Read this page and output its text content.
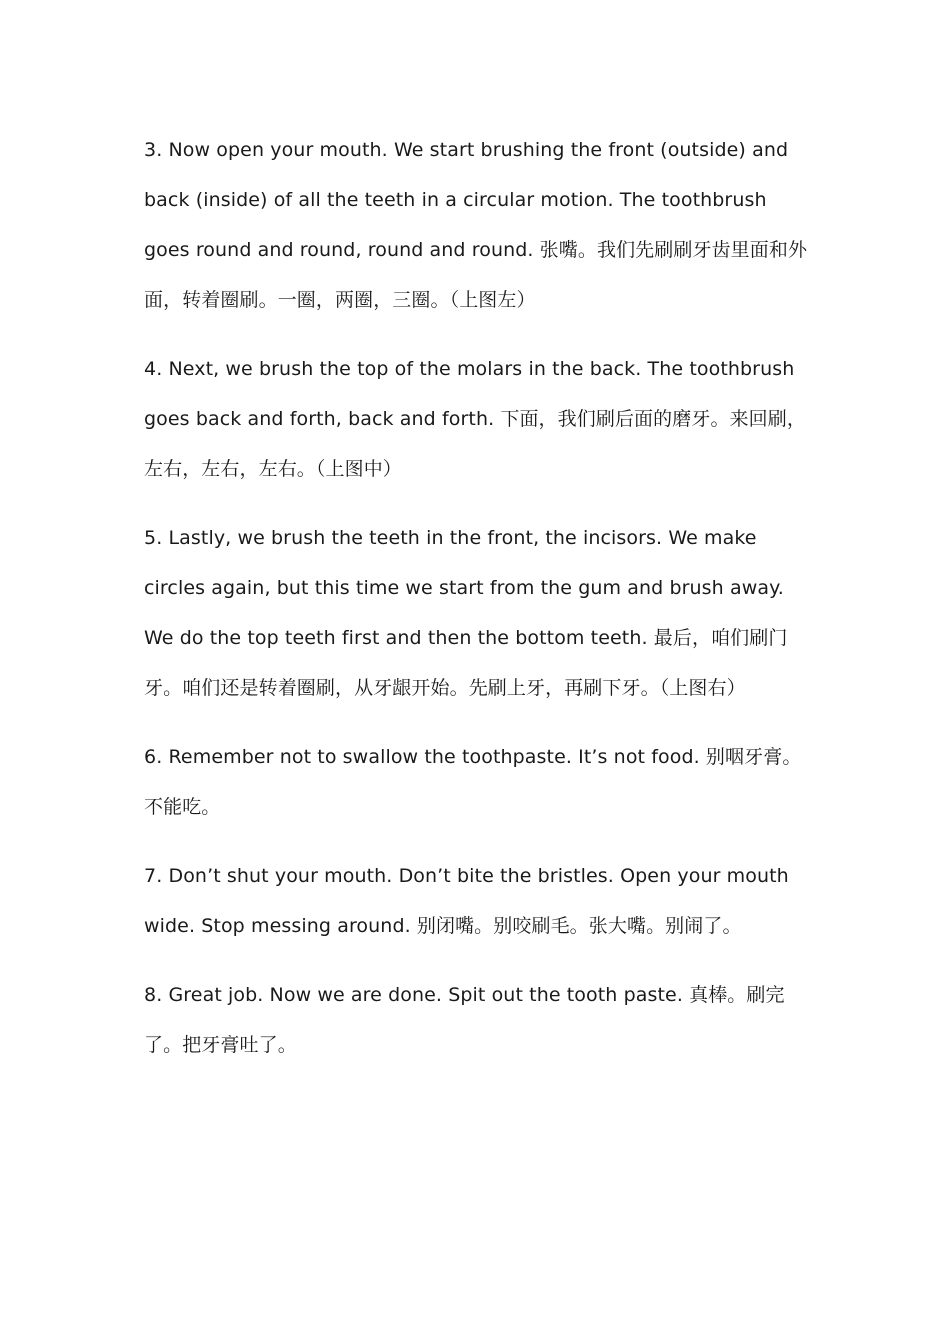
3. Now open your mouth. We start brushing the front (outside) and back (inside) of all the teeth in a circular motion. The toothbrush goes round and round, round and round. 张嘴。我们先刷刷牙齿里面和外面，转着圈刷。一圈，两圈，三圈。（上图左）

4. Next, we brush the top of the molars in the back. The toothbrush goes back and forth, back and forth. 下面，我们刷后面的磨牙。来回刷，左右，左右，左右。（上图中）

5. Lastly, we brush the teeth in the front, the incisors. We make circles again, but this time we start from the gum and brush away. We do the top teeth first and then the bottom teeth. 最后，咱们刷门牙。咱们还是转着圈刷，从牙龈开始。先刷上牙，再刷下牙。（上图右）

6. Remember not to swallow the toothpaste. It’s not food. 别咽牙膏。不能吃。

7. Don’t shut your mouth. Don’t bite the bristles. Open your mouth wide. Stop messing around. 别闭嘴。别咬刷毛。张大嘴。别闹了。

8. Great job. Now we are done. Spit out the tooth paste. 真棒。刷完了。把牙膏吐了。
